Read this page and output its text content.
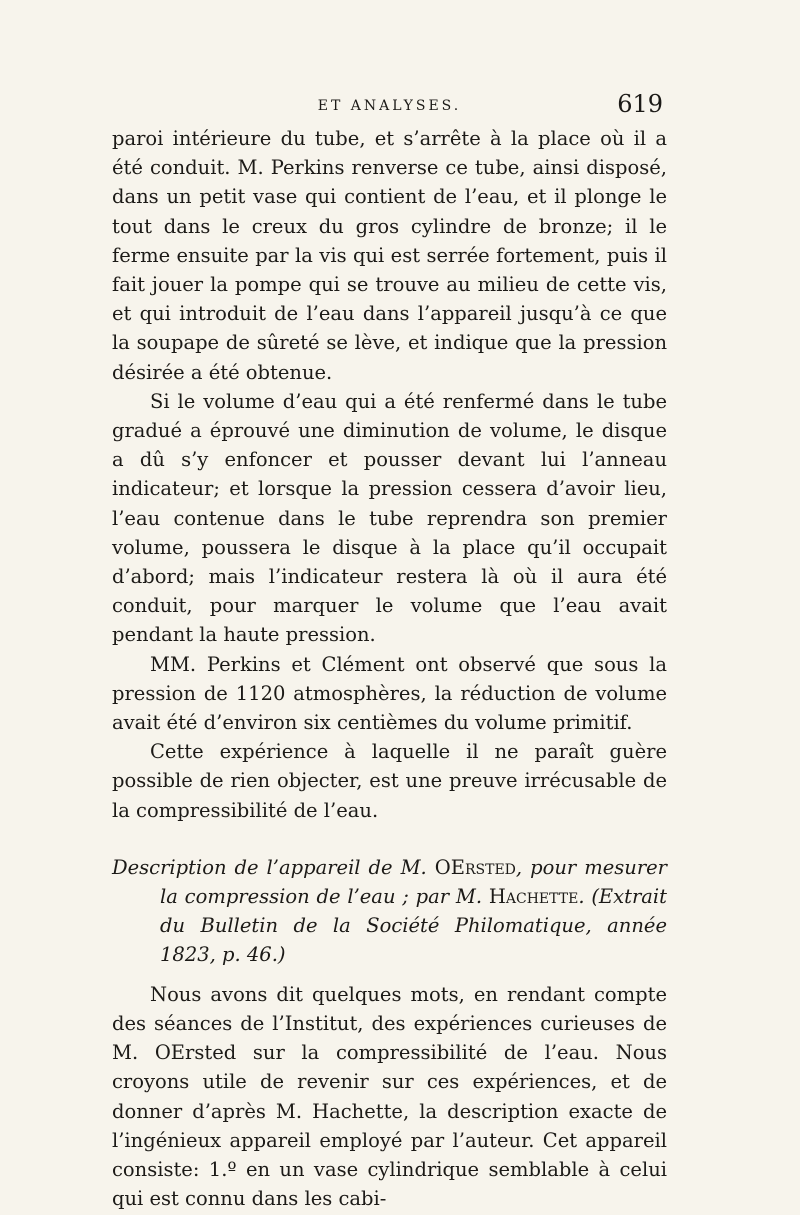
ET ANALYSES.	619

paroi intérieure du tube, et s’arrête à la place où il a été conduit. M. Perkins renverse ce tube, ainsi disposé, dans un petit vase qui contient de l’eau, et il plonge le tout dans le creux du gros cylindre de bronze; il le ferme ensuite par la vis qui est serrée fortement, puis il fait jouer la pompe qui se trouve au milieu de cette vis, et qui introduit de l’eau dans l’appareil jusqu’à ce que la soupape de sûreté se lève, et indique que la pression désirée a été obtenue.

Si le volume d’eau qui a été renfermé dans le tube gradué a éprouvé une diminution de volume, le disque a dû s’y enfoncer et pousser devant lui l’anneau indicateur; et lorsque la pression cessera d’avoir lieu, l’eau contenue dans le tube reprendra son premier volume, poussera le disque à la place qu’il occupait d’abord; mais l’indicateur restera là où il aura été conduit, pour marquer le volume que l’eau avait pendant la haute pression.

MM. Perkins et Clément ont observé que sous la pression de 1120 atmosphères, la réduction de volume avait été d’environ six centièmes du volume primitif.

Cette expérience à laquelle il ne paraît guère possible de rien objecter, est une preuve irrécusable de la compressibilité de l’eau.

Description de l’appareil de M. OErsted, pour mesurer la compression de l’eau ; par M. Hachette. (Extrait du Bulletin de la Société Philomatique, année 1823, p. 46.)

Nous avons dit quelques mots, en rendant compte des séances de l’Institut, des expériences curieuses de M. OErsted sur la compressibilité de l’eau. Nous croyons utile de revenir sur ces expériences, et de donner d’après M. Hachette, la description exacte de l’ingénieux appareil employé par l’auteur. Cet appareil consiste: 1.º en un vase cylindrique semblable à celui qui est connu dans les cabi-
